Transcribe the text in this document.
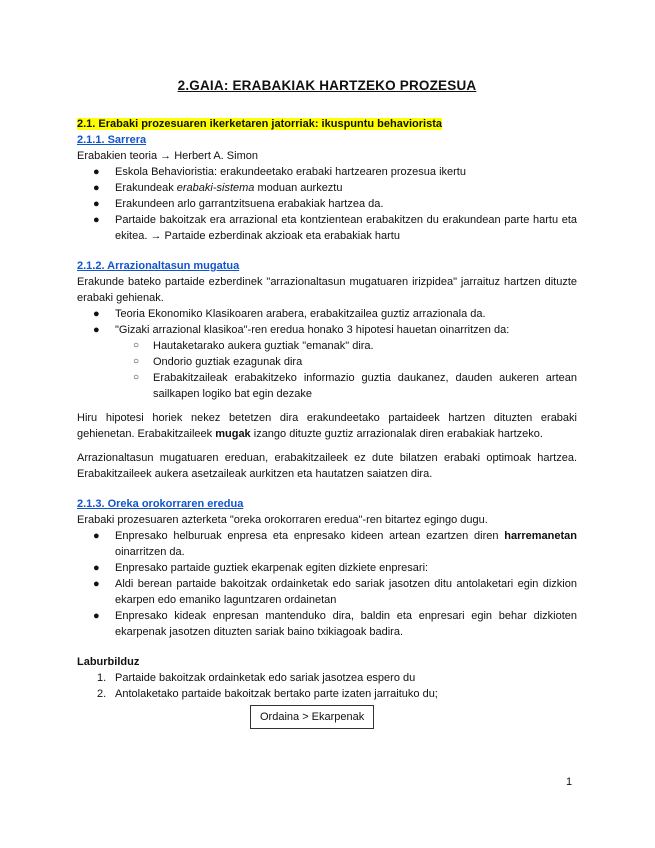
2.GAIA: ERABAKIAK HARTZEKO PROZESUA
2.1. Erabaki prozesuaren ikerketaren jatorriak: ikuspuntu behaviorista
2.1.1. Sarrera

Erabakien teoria → Herbert A. Simon

● Eskola Behavioristia: erakundeetako erabaki hartzearen prozesua ikertu
● Erakundeak erabaki-sistema moduan aurkeztu
● Erakundeen arlo garrantzitsuena erabakiak hartzea da.
● Partaide bakoitzak era arrazional eta kontzientean erabakitzen du erakundean parte hartu eta ekitea. → Partaide ezberdinak akzioak eta erabakiak hartu
2.1.2. Arrazionaltasun mugatua

Erakunde bateko partaide ezberdinek "arrazionaltasun mugatuaren irizpidea" jarraituz hartzen dituzte erabaki gehienak.

● Teoria Ekonomiko Klasikoaren arabera, erabakitzailea guztiz arrazionala da.
● "Gizaki arrazional klasikoa"-ren eredua honako 3 hipotesi hauetan oinarritzen da:
○ Hautaketarako aukera guztiak "emanak" dira.
○ Ondorio guztiak ezagunak dira
○ Erabakitzaileak erabakitzeko informazio guztia daukanez, dauden aukeren artean sailkapen logiko bat egin dezake

Hiru hipotesi horiek nekez betetzen dira erakundeetako partaideek hartzen dituzten erabaki gehienetan. Erabakitzaileek mugak izango dituzte guztiz arrazionalak diren erabakiak hartzeko.

Arrazionaltasun mugatuaren ereduan, erabakitzaileek ez dute bilatzen erabaki optimoak hartzea. Erabakitzaileek aukera asetzaileak aurkitzen eta hautatzen saiatzen dira.

2.1.3. Oreka orokorraren eredua

Erabaki prozesuaren azterketa "oreka orokorraren eredua"-ren bitartez egingo dugu.

● Enpresako helburuak enpresa eta enpresako kideen artean ezartzen diren harremanetan oinarritzen da.
● Enpresako partaide guztiek ekarpenak egiten dizkiete enpresari:
● Aldi berean partaide bakoitzak ordainketak edo sariak jasotzen ditu antolaketari egin dizkion ekarpen edo emaniko laguntzaren ordainetan
● Enpresako kideak enpresan mantenduko dira, baldin eta enpresari egin behar dizkioten ekarpenak jasotzen dituzten sariak baino txikiagoak badira.

Laburbilduz

1. Partaide bakoitzak ordainketak edo sariak jasotzea espero du
2. Antolaketako partaide bakoitzak bertako parte izaten jarraituko du;
Ordaina > Ekarpenak
1
